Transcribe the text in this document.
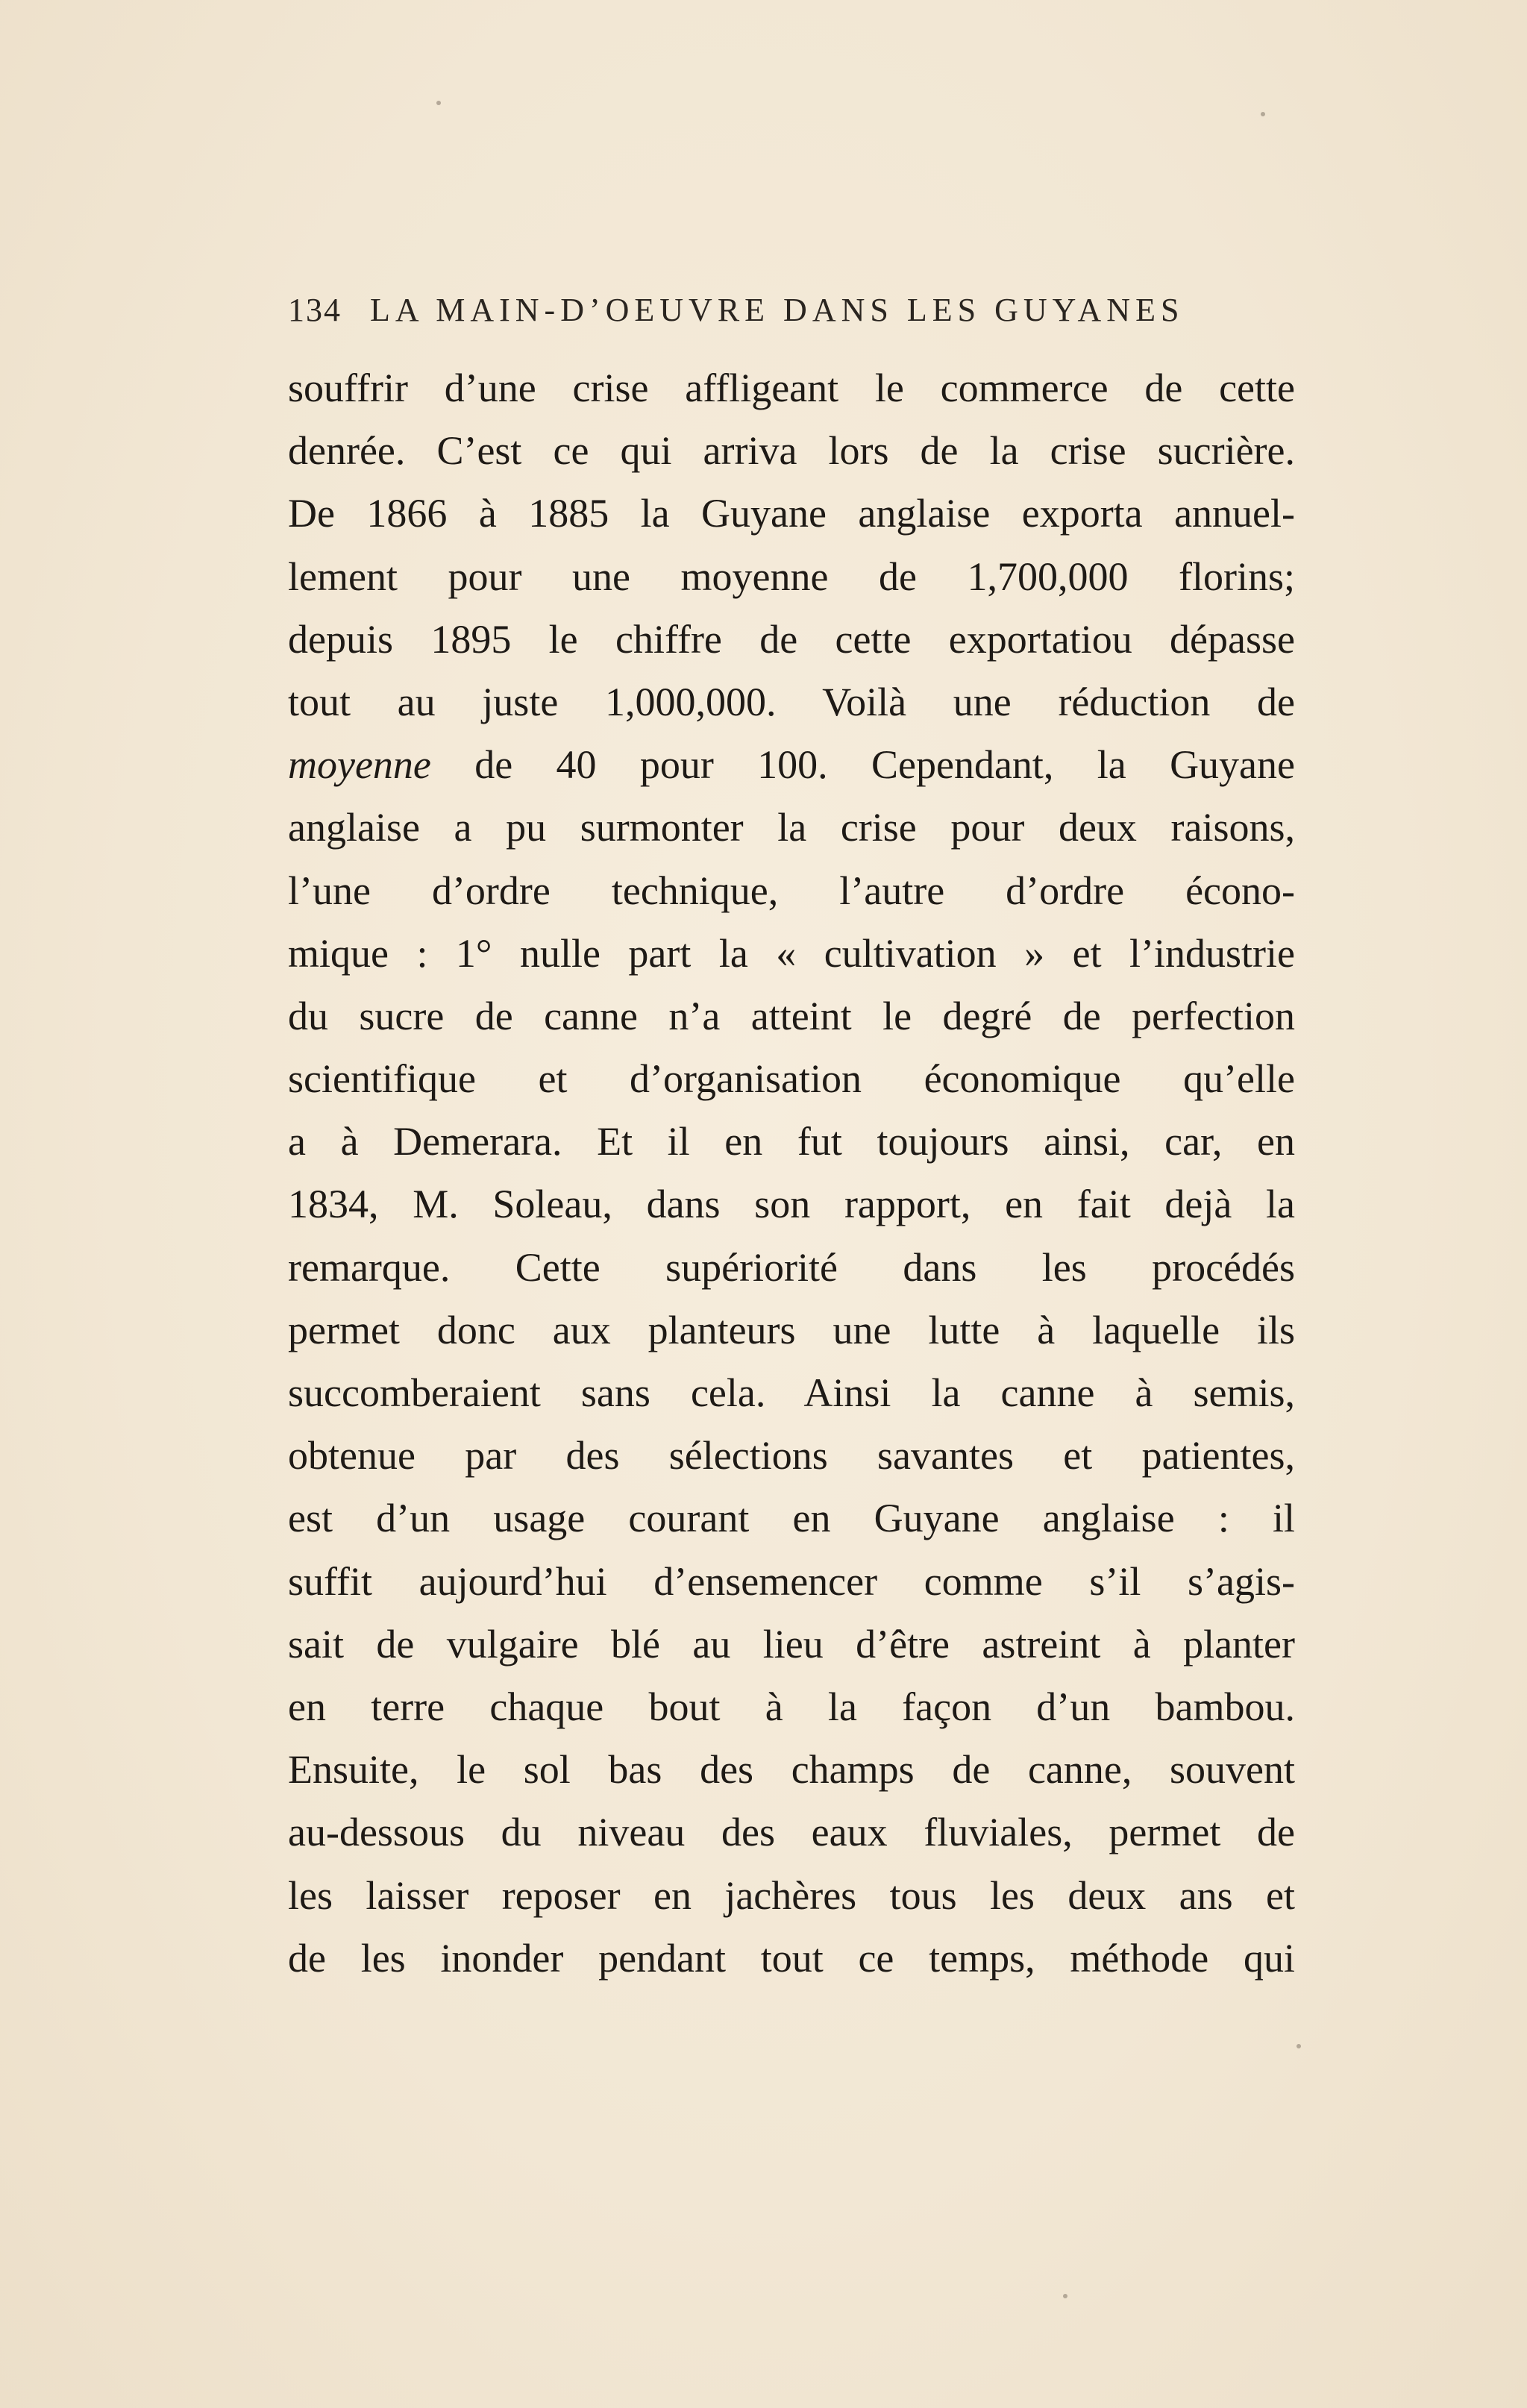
134 LA MAIN-D’OEUVRE DANS LES GUYANES
souffrir d’une crise affligeant le commerce de cette
denrée. C’est ce qui arriva lors de la crise sucrière.
De 1866 à 1885 la Guyane anglaise exporta annuel-
lement pour une moyenne de 1,700,000 florins;
depuis 1895 le chiffre de cette exportatiou dépasse
tout au juste 1,000,000. Voilà une réduction de
moyenne de 40 pour 100. Cependant, la Guyane
anglaise a pu surmonter la crise pour deux raisons,
l’une d’ordre technique, l’autre d’ordre écono-
mique : 1° nulle part la « cultivation » et l’industrie
du sucre de canne n’a atteint le degré de perfection
scientifique et d’organisation économique qu’elle
a à Demerara. Et il en fut toujours ainsi, car, en
1834, M. Soleau, dans son rapport, en fait dejà la
remarque. Cette supériorité dans les procédés
permet donc aux planteurs une lutte à laquelle ils
succomberaient sans cela. Ainsi la canne à semis,
obtenue par des sélections savantes et patientes,
est d’un usage courant en Guyane anglaise : il
suffit aujourd’hui d’ensemencer comme s’il s’agis-
sait de vulgaire blé au lieu d’être astreint à planter
en terre chaque bout à la façon d’un bambou.
Ensuite, le sol bas des champs de canne, souvent
au-dessous du niveau des eaux fluviales, permet de
les laisser reposer en jachères tous les deux ans et
de les inonder pendant tout ce temps, méthode qui
